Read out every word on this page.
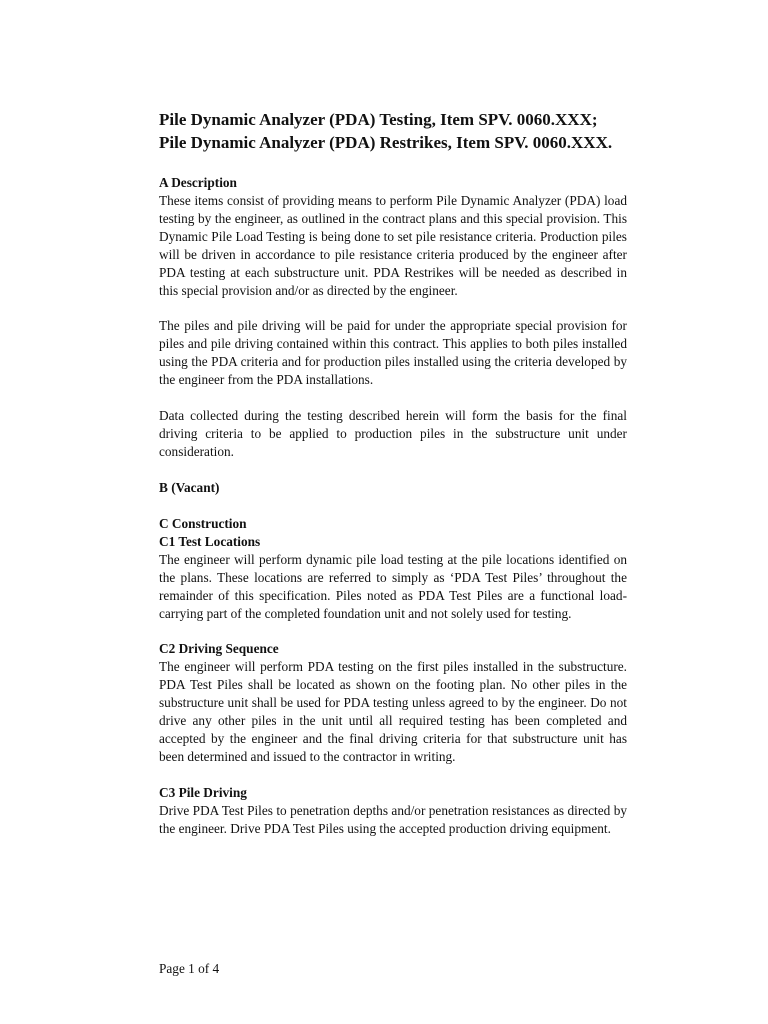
Pile Dynamic Analyzer (PDA) Testing, Item SPV. 0060.XXX; Pile Dynamic Analyzer (PDA) Restrikes, Item SPV. 0060.XXX.
A Description

These items consist of providing means to perform Pile Dynamic Analyzer (PDA) load testing by the engineer, as outlined in the contract plans and this special provision. This Dynamic Pile Load Testing is being done to set pile resistance criteria. Production piles will be driven in accordance to pile resistance criteria produced by the engineer after PDA testing at each substructure unit. PDA Restrikes will be needed as described in this special provision and/or as directed by the engineer.

The piles and pile driving will be paid for under the appropriate special provision for piles and pile driving contained within this contract. This applies to both piles installed using the PDA criteria and for production piles installed using the criteria developed by the engineer from the PDA installations.

Data collected during the testing described herein will form the basis for the final driving criteria to be applied to production piles in the substructure unit under consideration.

B (Vacant)
C Construction
C1 Test Locations

The engineer will perform dynamic pile load testing at the pile locations identified on the plans. These locations are referred to simply as ‘PDA Test Piles’ throughout the remainder of this specification. Piles noted as PDA Test Piles are a functional load-carrying part of the completed foundation unit and not solely used for testing.

C2 Driving Sequence

The engineer will perform PDA testing on the first piles installed in the substructure. PDA Test Piles shall be located as shown on the footing plan. No other piles in the substructure unit shall be used for PDA testing unless agreed to by the engineer. Do not drive any other piles in the unit until all required testing has been completed and accepted by the engineer and the final driving criteria for that substructure unit has been determined and issued to the contractor in writing.

C3 Pile Driving

Drive PDA Test Piles to penetration depths and/or penetration resistances as directed by the engineer. Drive PDA Test Piles using the accepted production driving equipment.

Page 1 of 4
